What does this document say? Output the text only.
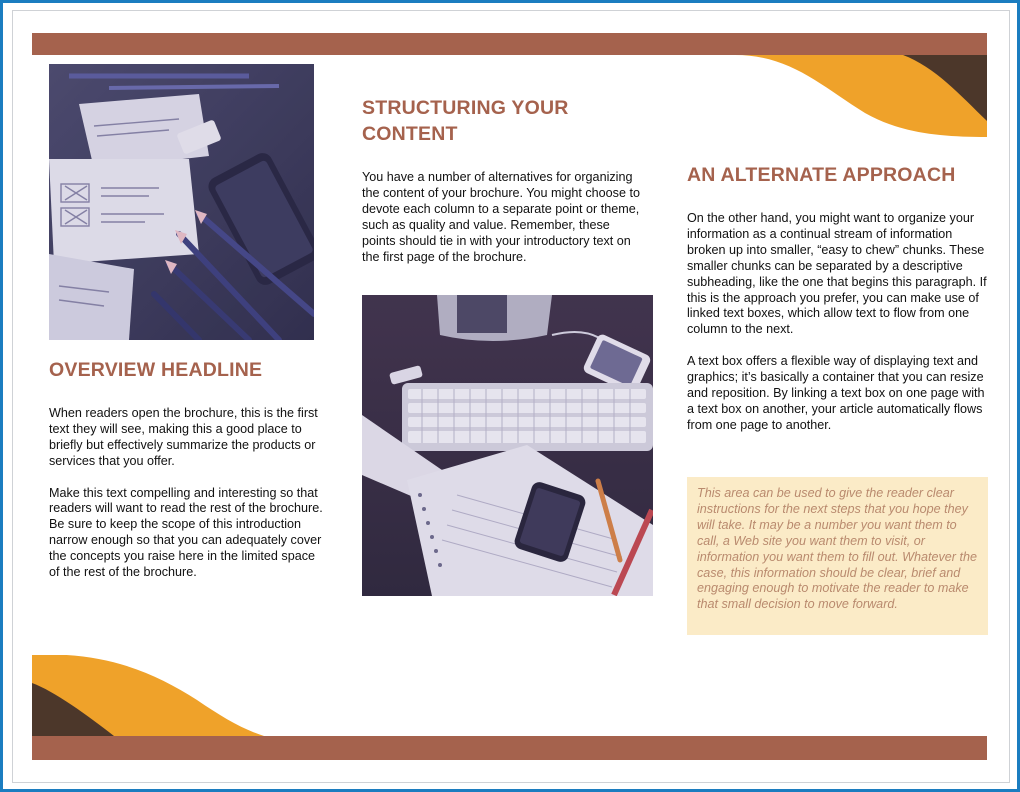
OVERVIEW HEADLINE

When readers open the brochure, this is the first text they will see, making this a good place to briefly but effectively summarize the products or services that you offer.

Make this text compelling and interesting so that readers will want to read the rest of the brochure. Be sure to keep the scope of this introduction narrow enough so that you can adequately cover the concepts you raise here in the limited space of the rest of the brochure.

STRUCTURING YOUR CONTENT

You have a number of alternatives for organizing the content of your brochure. You might choose to devote each column to a separate point or theme, such as quality and value. Remember, these points should tie in with your introductory text on the first page of the brochure.

AN ALTERNATE APPROACH

On the other hand, you might want to organize your information as a continual stream of information broken up into smaller, “easy to chew” chunks. These smaller chunks can be separated by a descriptive subheading, like the one that begins this paragraph. If this is the approach you prefer, you can make use of linked text boxes, which allow text to flow from one column to the next.

A text box offers a flexible way of displaying text and graphics; it’s basically a container that you can resize and reposition. By linking a text box on one page with a text box on another, your article automatically flows from one page to another.

This area can be used to give the reader clear instructions for the next steps that you hope they will take. It may be a number you want them to call, a Web site you want them to visit, or information you want them to fill out. Whatever the case, this information should be clear, brief and engaging enough to motivate the reader to make that small decision to move forward.
